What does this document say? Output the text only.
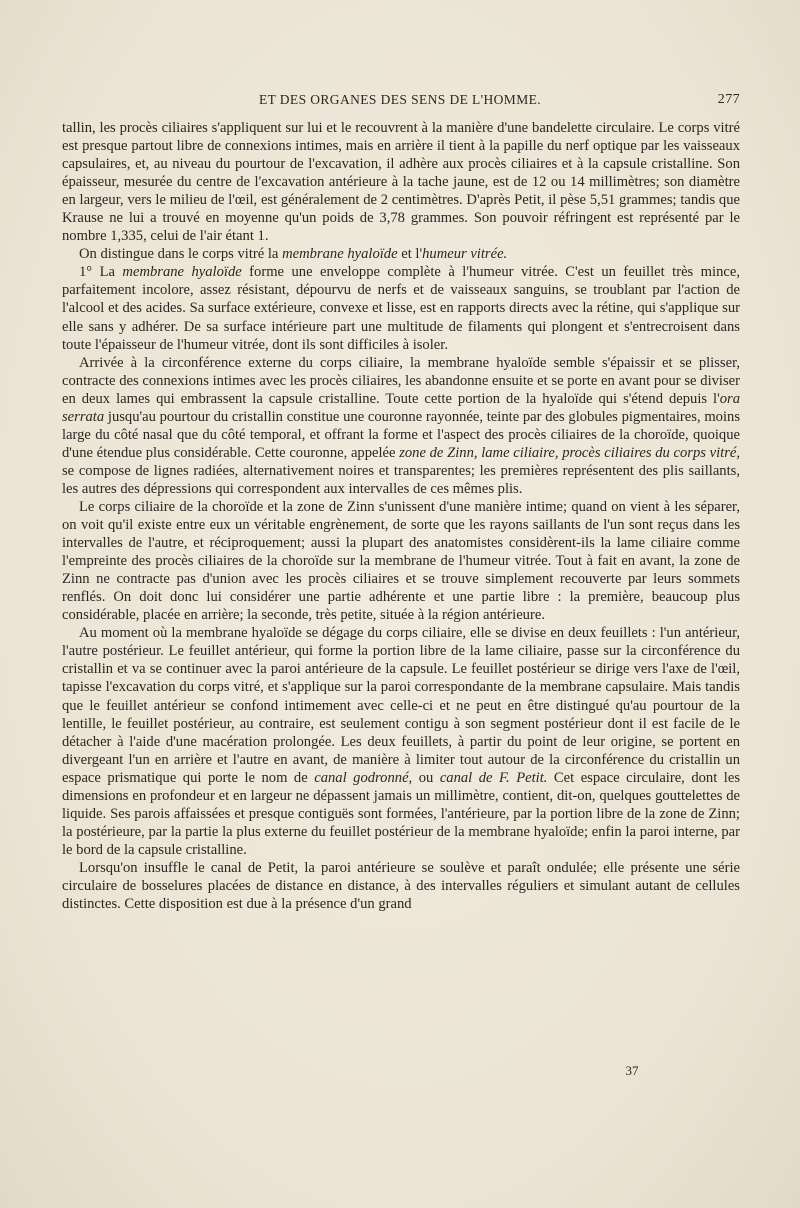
ET DES ORGANES DES SENS DE L'HOMME.	277

tallin, les procès ciliaires s'appliquent sur lui et le recouvrent à la manière d'une bandelette circulaire. Le corps vitré est presque partout libre de connexions intimes, mais en arrière il tient à la papille du nerf optique par les vaisseaux capsulaires, et, au niveau du pourtour de l'excavation, il adhère aux procès ciliaires et à la capsule cristalline. Son épaisseur, mesurée du centre de l'excavation antérieure à la tache jaune, est de 12 ou 14 millimètres; son diamètre en largeur, vers le milieu de l'œil, est généralement de 2 centimètres. D'après Petit, il pèse 5,51 grammes; tandis que Krause ne lui a trouvé en moyenne qu'un poids de 3,78 grammes. Son pouvoir réfringent est représenté par le nombre 1,335, celui de l'air étant 1.

On distingue dans le corps vitré la membrane hyaloïde et l'humeur vitrée.

1° La membrane hyaloïde forme une enveloppe complète à l'humeur vitrée. C'est un feuillet très mince, parfaitement incolore, assez résistant, dépourvu de nerfs et de vaisseaux sanguins, se troublant par l'action de l'alcool et des acides. Sa surface extérieure, convexe et lisse, est en rapports directs avec la rétine, qui s'applique sur elle sans y adhérer. De sa surface intérieure part une multitude de filaments qui plongent et s'entrecroisent dans toute l'épaisseur de l'humeur vitrée, dont ils sont difficiles à isoler.

Arrivée à la circonférence externe du corps ciliaire, la membrane hyaloïde semble s'épaissir et se plisser, contracte des connexions intimes avec les procès ciliaires, les abandonne ensuite et se porte en avant pour se diviser en deux lames qui embrassent la capsule cristalline. Toute cette portion de la hyaloïde qui s'étend depuis l'ora serrata jusqu'au pourtour du cristallin constitue une couronne rayonnée, teinte par des globules pigmentaires, moins large du côté nasal que du côté temporal, et offrant la forme et l'aspect des procès ciliaires de la choroïde, quoique d'une étendue plus considérable. Cette couronne, appelée zone de Zinn, lame ciliaire, procès ciliaires du corps vitré, se compose de lignes radiées, alternativement noires et transparentes; les premières représentent des plis saillants, les autres des dépressions qui correspondent aux intervalles de ces mêmes plis.

Le corps ciliaire de la choroïde et la zone de Zinn s'unissent d'une manière intime; quand on vient à les séparer, on voit qu'il existe entre eux un véritable engrènement, de sorte que les rayons saillants de l'un sont reçus dans les intervalles de l'autre, et réciproquement; aussi la plupart des anatomistes considèrent-ils la lame ciliaire comme l'empreinte des procès ciliaires de la choroïde sur la membrane de l'humeur vitrée. Tout à fait en avant, la zone de Zinn ne contracte pas d'union avec les procès ciliaires et se trouve simplement recouverte par leurs sommets renflés. On doit donc lui considérer une partie adhérente et une partie libre : la première, beaucoup plus considérable, placée en arrière; la seconde, très petite, située à la région antérieure.

Au moment où la membrane hyaloïde se dégage du corps ciliaire, elle se divise en deux feuillets : l'un antérieur, l'autre postérieur. Le feuillet antérieur, qui forme la portion libre de la lame ciliaire, passe sur la circonférence du cristallin et va se continuer avec la paroi antérieure de la capsule. Le feuillet postérieur se dirige vers l'axe de l'œil, tapisse l'excavation du corps vitré, et s'applique sur la paroi correspondante de la membrane capsulaire. Mais tandis que le feuillet antérieur se confond intimement avec celle-ci et ne peut en être distingué qu'au pourtour de la lentille, le feuillet postérieur, au contraire, est seulement contigu à son segment postérieur dont il est facile de le détacher à l'aide d'une macération prolongée. Les deux feuillets, à partir du point de leur origine, se portent en divergeant l'un en arrière et l'autre en avant, de manière à limiter tout autour de la circonférence du cristallin un espace prismatique qui porte le nom de canal godronné, ou canal de F. Petit. Cet espace circulaire, dont les dimensions en profondeur et en largeur ne dépassent jamais un millimètre, contient, dit-on, quelques gouttelettes de liquide. Ses parois affaissées et presque contiguës sont formées, l'antérieure, par la portion libre de la zone de Zinn; la postérieure, par la partie la plus externe du feuillet postérieur de la membrane hyaloïde; enfin la paroi interne, par le bord de la capsule cristalline.

Lorsqu'on insuffle le canal de Petit, la paroi antérieure se soulève et paraît ondulée; elle présente une série circulaire de bosselures placées de distance en distance, à des intervalles réguliers et simulant autant de cellules distinctes. Cette disposition est due à la présence d'un grand

37
